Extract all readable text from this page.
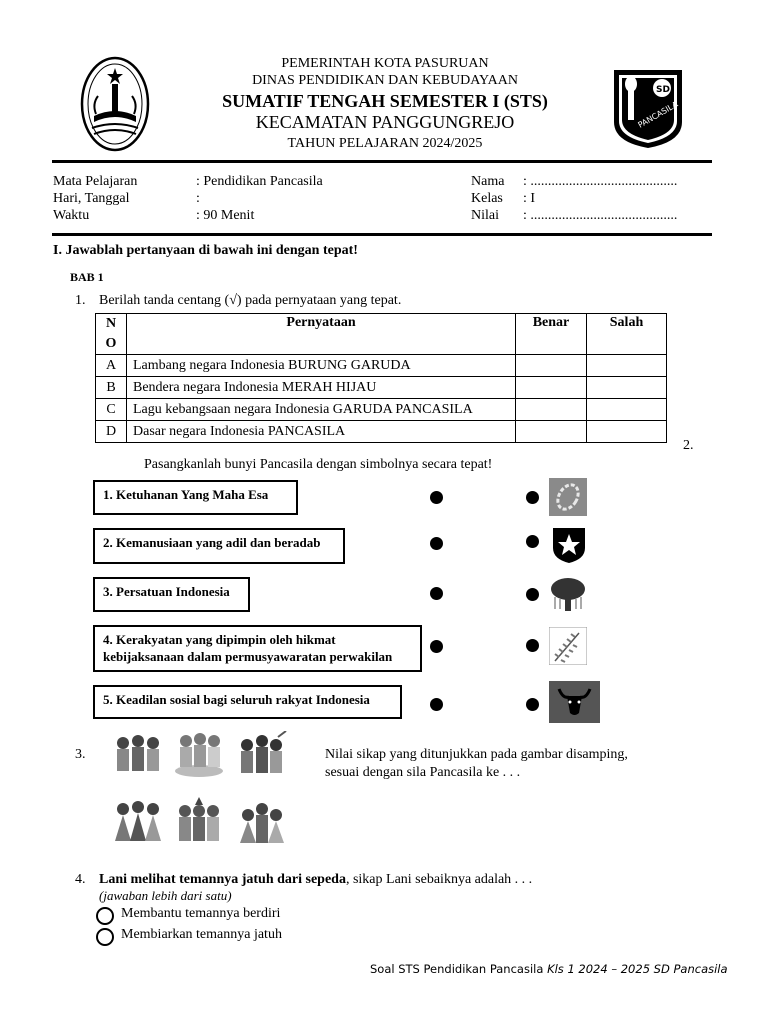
PEMERINTAH KOTA PASURUAN
DINAS PENDIDIKAN DAN KEBUDAYAAN
SUMATIF TENGAH SEMESTER I (STS)
KECAMATAN PANGGUNGREJO
TAHUN PELAJARAN 2024/2025
SD
PANCASILA
Mata Pelajaran	: Pendidikan Pancasila
Hari, Tanggal	:
Waktu	: 90 Menit
Nama : ..........................................
Kelas : I
Nilai : ..........................................
I. Jawablah pertanyaan di bawah ini dengan tepat!
BAB 1
1. Berilah tanda centang (√) pada pernyataan yang tepat.
N
O	Pernyataan	Benar	Salah
A	Lambang negara Indonesia BURUNG GARUDA		
B	Bendera negara Indonesia MERAH HIJAU		
C	Lagu kebangsaan negara Indonesia GARUDA PANCASILA		
D	Dasar negara Indonesia PANCASILA		
2.
Pasangkanlah bunyi Pancasila dengan simbolnya secara tepat!
1. Ketuhanan Yang Maha Esa
2. Kemanusiaan yang adil dan beradab
3. Persatuan Indonesia
4. Kerakyatan yang dipimpin oleh hikmat kebijaksanaan dalam permusyawaratan perwakilan
5. Keadilan sosial bagi seluruh rakyat Indonesia
3.	Nilai sikap yang ditunjukkan pada gambar disamping,
sesuai dengan sila Pancasila ke . . .
4. Lani melihat temannya jatuh dari sepeda, sikap Lani sebaiknya adalah . . .
(jawaban lebih dari satu)
Membantu temannya berdiri
Membiarkan temannya jatuh
Soal STS Pendidikan Pancasila Kls 1 2024 – 2025 SD Pancasila
